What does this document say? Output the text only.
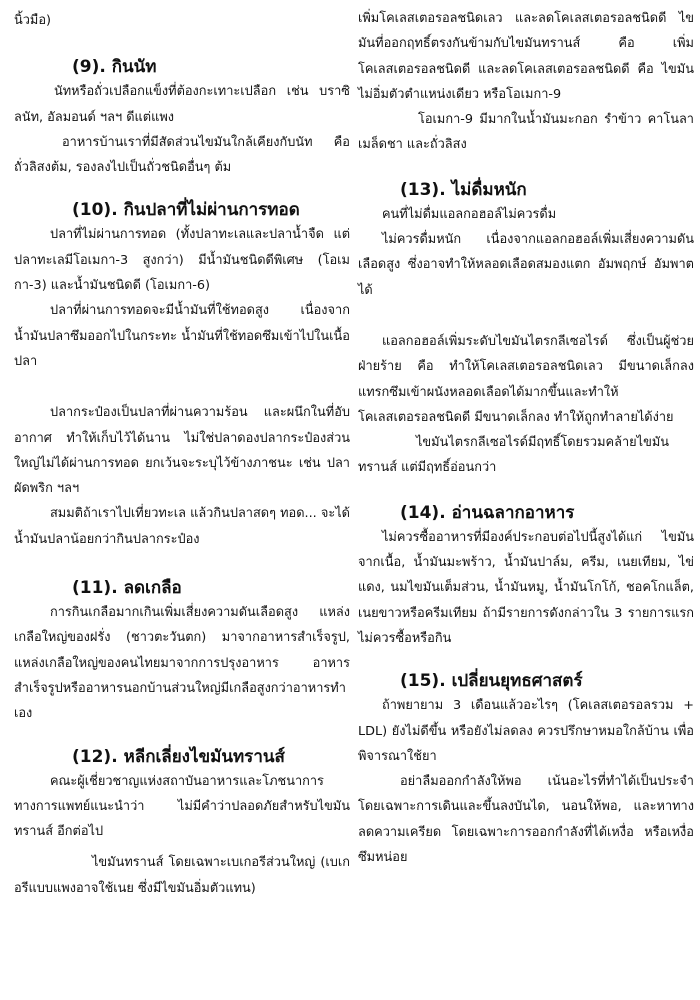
นิ้วมือ)

(9). กินนัท

นัทหรือถั่วเปลือกแข็งที่ต้องกะเทาะเปลือก เช่น บราซิลนัท, อัลมอนด์ ฯลฯ ดีแต่แพง

อาหารบ้านเราที่มีสัดส่วนไขมันใกล้เคียงกับนัท คือ ถั่วลิสงต้ม, รองลงไปเป็นถั่วชนิดอื่นๆ ต้ม

(10). กินปลาที่ไม่ผ่านการทอด

ปลาที่ไม่ผ่านการทอด (ทั้งปลาทะเลและปลาน้ำจืด แต่ปลาทะเลมีโอเมกา-3 สูงกว่า) มีน้ำมันชนิดดีพิเศษ (โอเมกา-3) และน้ำมันชนิดดี (โอเมกา-6)

ปลาที่ผ่านการทอดจะมีน้ำมันที่ใช้ทอดสูง เนื่องจากน้ำมันปลาซึมออกไปในกระทะ น้ำมันที่ใช้ทอดซึมเข้าไปในเนื้อปลา

ปลากระป๋องเป็นปลาที่ผ่านความร้อน และผนึกในที่อับอากาศ ทำให้เก็บไว้ได้นาน ไม่ใช่ปลาดองปลากระป๋องส่วนใหญ่ไม่ได้ผ่านการทอด ยกเว้นจะระบุไว้ข้างภาชนะ เช่น ปลาผัดพริก ฯลฯ

สมมติถ้าเราไปเที่ยวทะเล แล้วกินปลาสดๆ ทอด... จะได้น้ำมันปลาน้อยกว่ากินปลากระป๋อง

(11). ลดเกลือ

การกินเกลือมากเกินเพิ่มเสี่ยงความดันเลือดสูง แหล่งเกลือใหญ่ของฝรั่ง (ชาวตะวันตก) มาจากอาหารสำเร็จรูป, แหล่งเกลือใหญ่ของคนไทยมาจากการปรุงอาหาร อาหารสำเร็จรูปหรืออาหารนอกบ้านส่วนใหญ่มีเกลือสูงกว่าอาหารทำเอง

(12). หลีกเลี่ยงไขมันทรานส์

คณะผู้เชี่ยวชาญแห่งสถาบันอาหารและโภชนาการทางการแพทย์แนะนำว่า ไม่มีคำว่าปลอดภัยสำหรับไขมันทรานส์ อีกต่อไป

ไขมันทรานส์ โดยเฉพาะเบเกอรีส่วนใหญ่ (เบเกอรีแบบแพงอาจใช้เนย ซึ่งมีไขมันอิ่มตัวแทน)

เพิ่มโคเลสเตอรอลชนิดเลว และลดโคเลสเตอรอลชนิดดี ไขมันที่ออกฤทธิ์ตรงกันข้ามกับไขมันทรานส์ คือ เพิ่มโคเลสเตอรอลชนิดดี และลดโคเลสเตอรอลชนิดดี คือ ไขมันไม่อิ่มตัวตำแหน่งเดียว หรือโอเมกา-9

โอเมกา-9 มีมากในน้ำมันมะกอก รำข้าว คาโนลา เมล็ดชา และถั่วลิสง

(13). ไม่ดื่มหนัก

คนที่ไม่ดื่มแอลกอฮอล์ไม่ควรดื่ม

ไม่ควรดื่มหนัก เนื่องจากแอลกอฮอล์เพิ่มเสี่ยงความดันเลือดสูง ซึ่งอาจทำให้หลอดเลือดสมองแตก อัมพฤกษ์ อัมพาตได้

แอลกอฮอล์เพิ่มระดับไขมันไตรกลีเซอไรด์ ซึ่งเป็นผู้ช่วยฝ่ายร้าย คือ ทำให้โคเลสเตอรอลชนิดเลว มีขนาดเล็กลง แทรกซึมเข้าผนังหลอดเลือดได้มากขึ้นและทำให้โคเลสเตอรอลชนิดดี มีขนาดเล็กลง ทำให้ถูกทำลายได้ง่าย

ไขมันไตรกลีเซอไรด์มีฤทธิ์โดยรวมคล้ายไขมันทรานส์ แต่มีฤทธิ์อ่อนกว่า

(14). อ่านฉลากอาหาร

ไม่ควรซื้ออาหารที่มีองค์ประกอบต่อไปนี้สูงได้แก่ ไขมันจากเนื้อ, น้ำมันมะพร้าว, น้ำมันปาล์ม, ครีม, เนยเทียม, ไข่แดง, นมไขมันเต็มส่วน, น้ำมันหมู, น้ำมันโกโก้, ชอคโกแล็ต, เนยขาวหรือครีมเทียม ถ้ามีรายการดังกล่าวใน 3 รายการแรก ไม่ควรซื้อหรือกิน

(15). เปลี่ยนยุทธศาสตร์

ถ้าพยายาม 3 เดือนแล้วอะไรๆ (โคเลสเตอรอลรวม + LDL) ยังไม่ดีขึ้น หรือยังไม่ลดลง ควรปรึกษาหมอใกล้บ้าน เพื่อพิจารณาใช้ยา

อย่าลืมออกกำลังให้พอ เน้นอะไรที่ทำได้เป็นประจำ โดยเฉพาะการเดินและขึ้นลงบันได, นอนให้พอ, และหาทางลดความเครียด โดยเฉพาะการออกกำลังที่ได้เหงื่อ หรือเหงื่อซึมหน่อย
